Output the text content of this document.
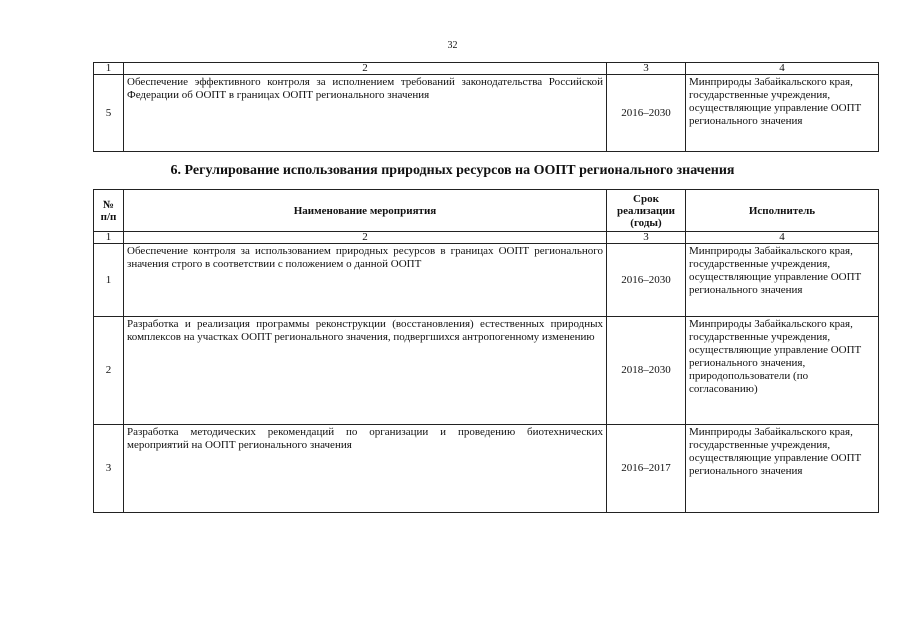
32
1	2	3	4
5	Обеспечение эффективного контроля за исполнением требований законодательства Российской Федерации об ООПТ в границах ООПТ регионального значения	2016–2030	Минприроды Забайкальского края, государственные учреждения, осуществляющие управление ООПТ регионального значения
6. Регулирование использования природных ресурсов на ООПТ регионального значения
№ п/п	Наименование мероприятия	Срок реализации (годы)	Исполнитель
1	2	3	4
1	Обеспечение контроля за использованием природных ресурсов в границах ООПТ регионального значения строго в соответствии с положением о данной ООПТ	2016–2030	Минприроды Забайкальского края, государственные учреждения, осуществляющие управление ООПТ регионального значения
2	Разработка и реализация программы реконструкции (восстановления) естественных природных комплексов на участках ООПТ регионального значения, подвергшихся антропогенному изменению	2018–2030	Минприроды Забайкальского края, государственные учреждения, осуществляющие управление ООПТ регионального значения, природопользователи (по согласованию)
3	Разработка методических рекомендаций по организации и проведению биотехнических мероприятий на ООПТ регионального значения	2016–2017	Минприроды Забайкальского края, государственные учреждения, осуществляющие управление ООПТ регионального значения
